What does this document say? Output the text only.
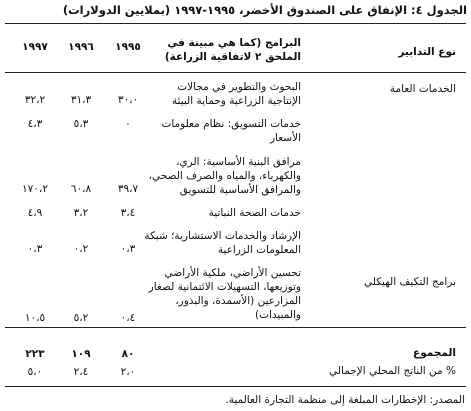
الجدول ٤: الإنفاق على الصندوق الأخضر، ١٩٩٥-١٩٩٧ (بملايين الدولارات)
نوع التدابير
البرامج (كما هي مبينة في
الملحق ٢ لاتفاقية الزراعة)
١٩٩٥
١٩٩٦
١٩٩٧
الخدمات العامة
برامج التكيف الهيكلي
البحوث والتطوير في مجالات
الإنتاجية الزراعية وحماية البيئة
٣٠،٠
٣١،٣
٣٢،٢
خدمات التسويق: نظام معلومات
الأسعار
٠
٥،٣
٤،٣
مرافق البنية الأساسية: الري،
والكهرباء، والمياه والصرف الصحي،
والمرافق الأساسية للتسويق
٣٩،٧
٦٠،٨
١٧٠،٢
خدمات الصحة النباتية
٣،٤
٣،٢
٤،٩
الإرشاد والخدمات الاستشارية؛ شبكة
المعلومات الزراعية
٠،٣
٠،٢
٠،٣
تحسين الأراضي، ملكية الأراضي
وتوزيعها، التسهيلات الائتمانية لصغار
المزارعين (الأسمدة، والبذور،
والمبيدات)
٠،٤
٥،٢
١٠،٥
المجموع
٨٠
١٠٩
٢٢٣
% من الناتج المحلي الإجمالي
٢،٠
٢،٤
٥،٠
المصدر: الإخطارات المبلغة إلى منظمة التجارة العالمية.
